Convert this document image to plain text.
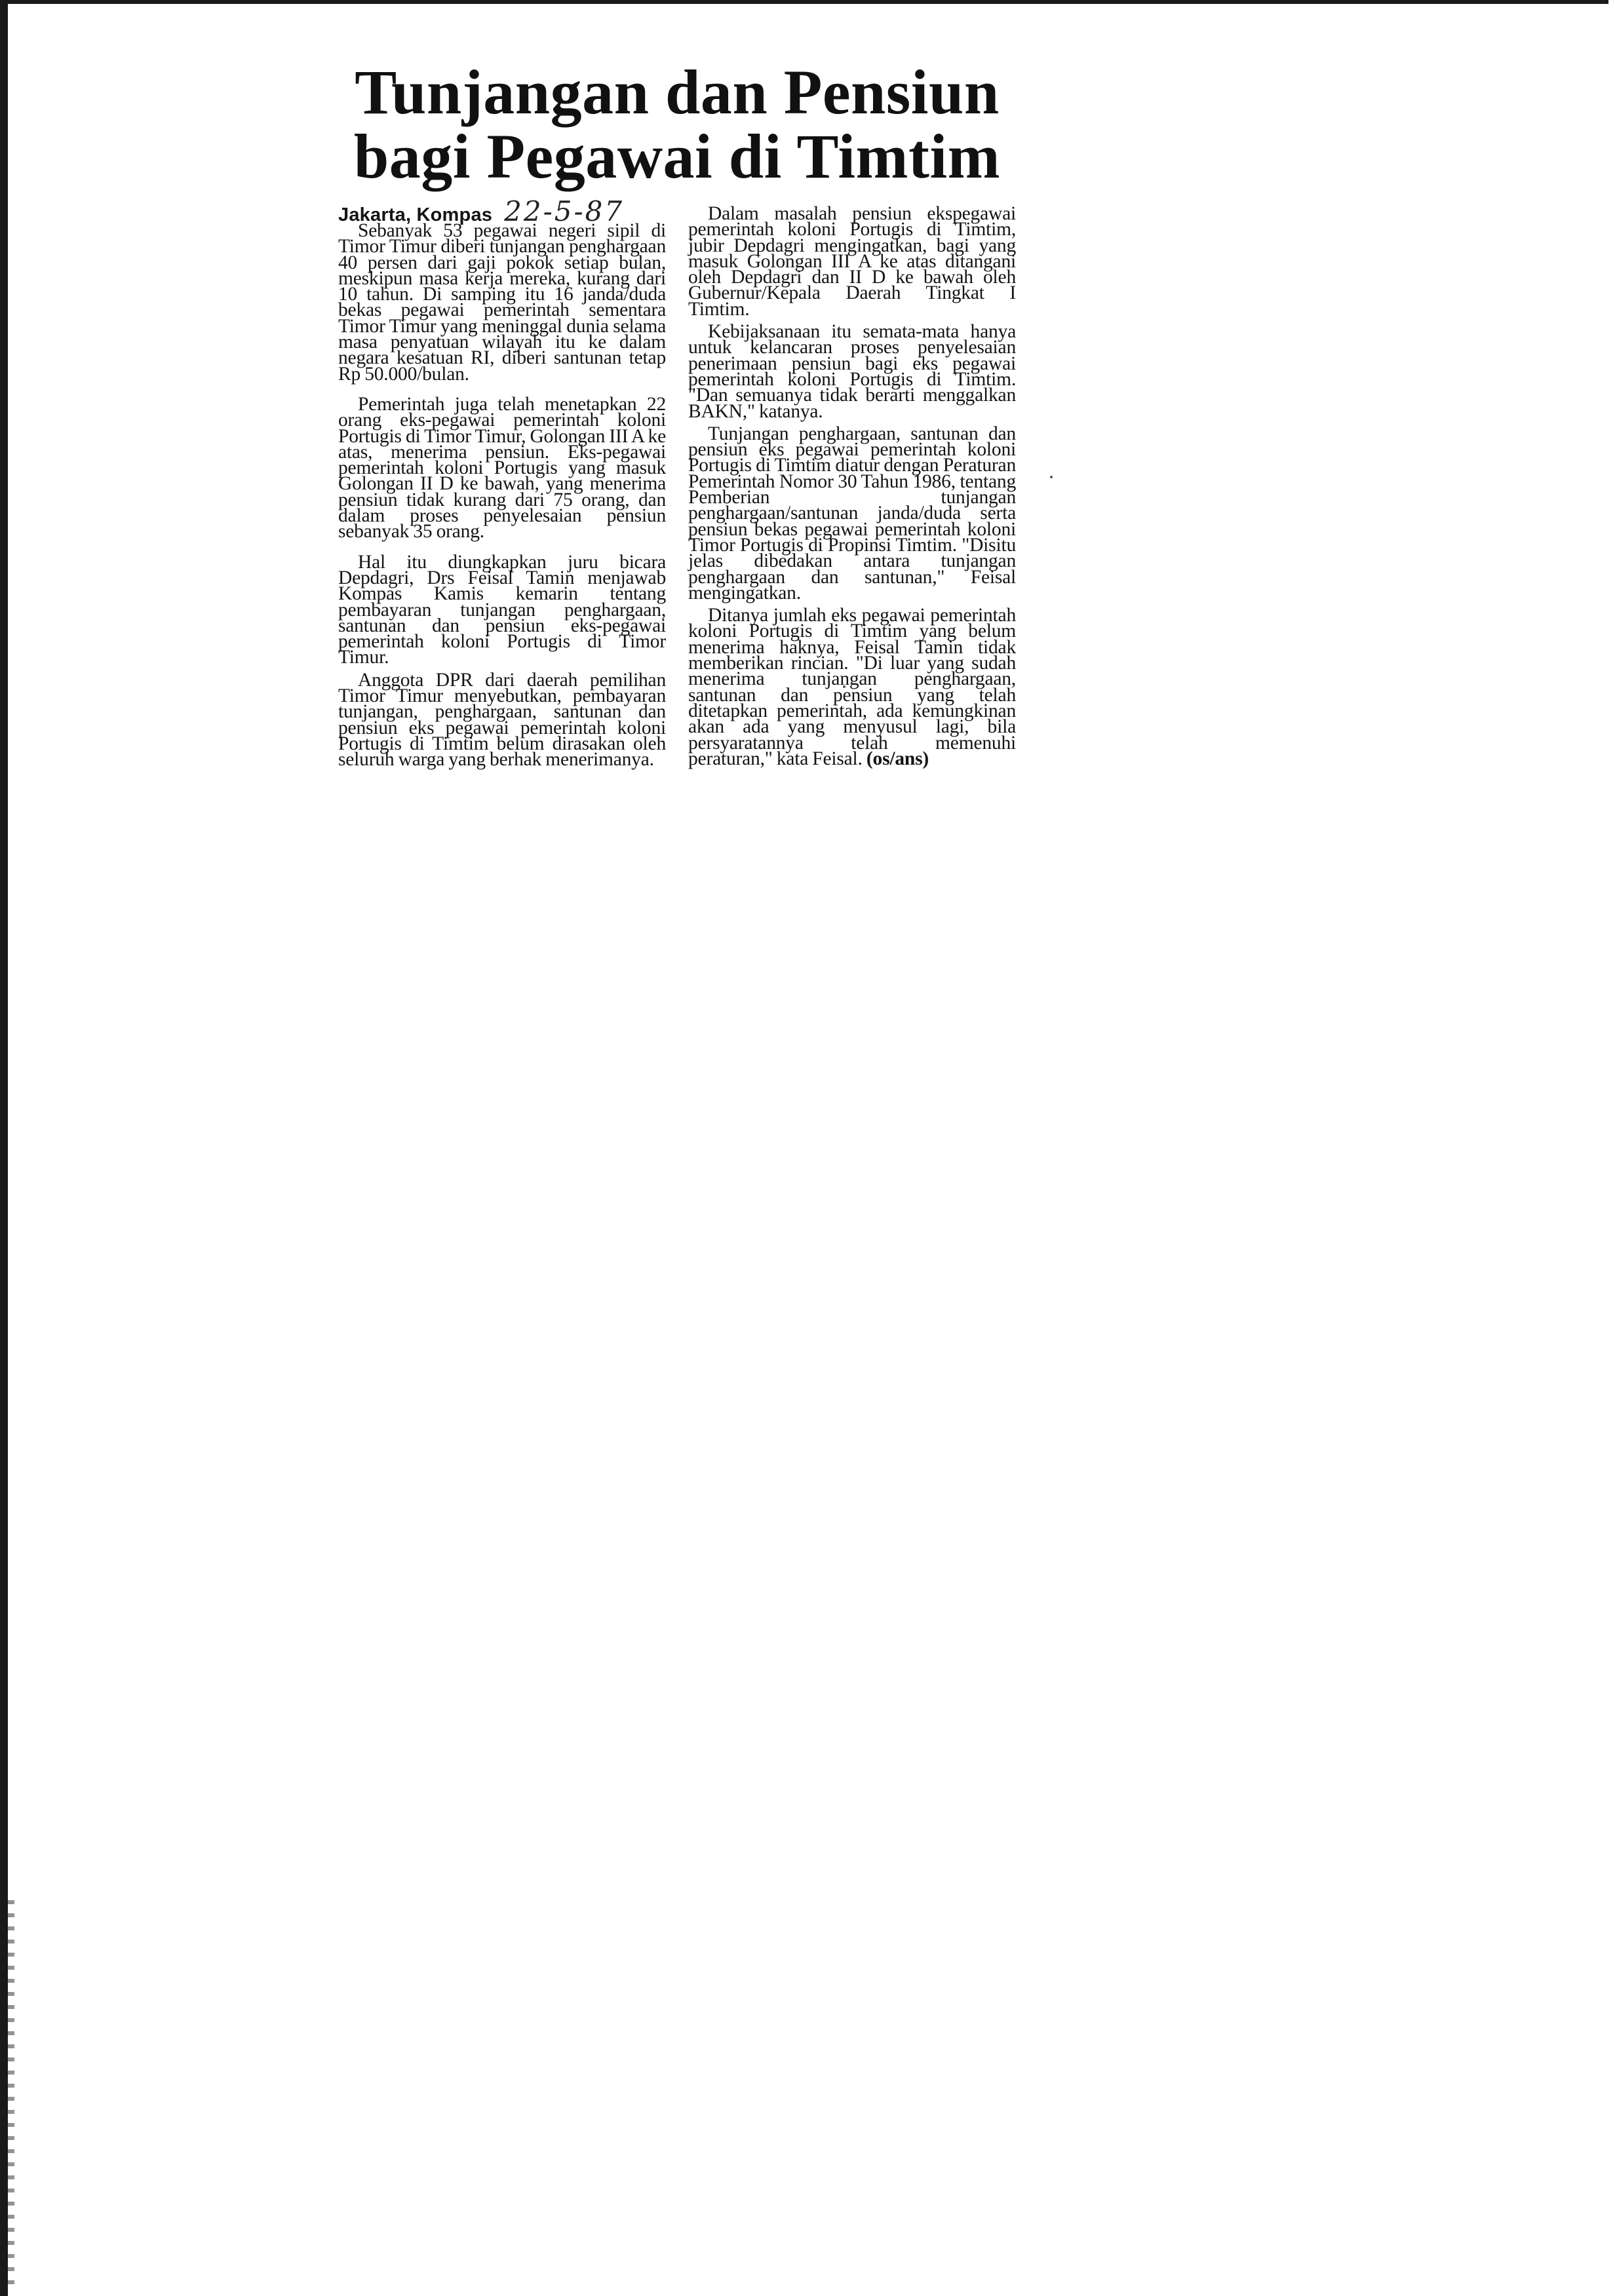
Tunjangan dan Pensiun
bagi Pegawai di Timtim
Jakarta, Kompas 22-5-87

Sebanyak 53 pegawai negeri sipil di Timor Timur diberi tunjangan penghargaan 40 persen dari gaji pokok setiap bulan, meskipun masa kerja mereka, kurang dari 10 tahun. Di samping itu 16 janda/duda bekas pegawai pemerintah sementara Timor Timur yang meninggal dunia selama masa penyatuan wilayah itu ke dalam negara kesatuan RI, diberi santunan tetap Rp 50.000/bulan.

Pemerintah juga telah menetapkan 22 orang eks-pegawai pemerintah koloni Portugis di Timor Timur, Golongan III A ke atas, menerima pensiun. Eks-pegawai pemerintah koloni Portugis yang masuk Golongan II D ke bawah, yang menerima pensiun tidak kurang dari 75 orang, dan dalam proses penyelesaian pensiun sebanyak 35 orang.

Hal itu diungkapkan juru bicara Depdagri, Drs Feisal Tamin menjawab Kompas Kamis kemarin tentang pembayaran tunjangan penghargaan, santunan dan pensiun eks-pegawai pemerintah koloni Portugis di Timor Timur.

Anggota DPR dari daerah pemilihan Timor Timur menyebutkan, pembayaran tunjangan, penghargaan, santunan dan pensiun eks pegawai pemerintah koloni Portugis di Timtim belum dirasakan oleh seluruh warga yang berhak menerimanya.

Dalam masalah pensiun ekspegawai pemerintah koloni Portugis di Timtim, jubir Depdagri mengingatkan, bagi yang masuk Golongan III A ke atas ditangani oleh Depdagri dan II D ke bawah oleh Gubernur/Kepala Daerah Tingkat I Timtim.

Kebijaksanaan itu semata-mata hanya untuk kelancaran proses penyelesaian penerimaan pensiun bagi eks pegawai pemerintah koloni Portugis di Timtim. "Dan semuanya tidak berarti menggalkan BAKN," katanya.

Tunjangan penghargaan, santunan dan pensiun eks pegawai pemerintah koloni Portugis di Timtim diatur dengan Peraturan Pemerintah Nomor 30 Tahun 1986, tentang Pemberian tunjangan penghargaan/santunan janda/duda serta pensiun bekas pegawai pemerintah koloni Timor Portugis di Propinsi Timtim. "Disitu jelas dibedakan antara tunjangan penghargaan dan santunan," Feisal mengingatkan.

Ditanya jumlah eks pegawai pemerintah koloni Portugis di Timtim yang belum menerima haknya, Feisal Tamin tidak memberikan rincian. "Di luar yang sudah menerima tunjangan penghargaan, santunan dan pensiun yang telah ditetapkan pemerintah, ada kemungkinan akan ada yang menyusul lagi, bila persyaratannya telah memenuhi peraturan," kata Feisal. (os/ans)
